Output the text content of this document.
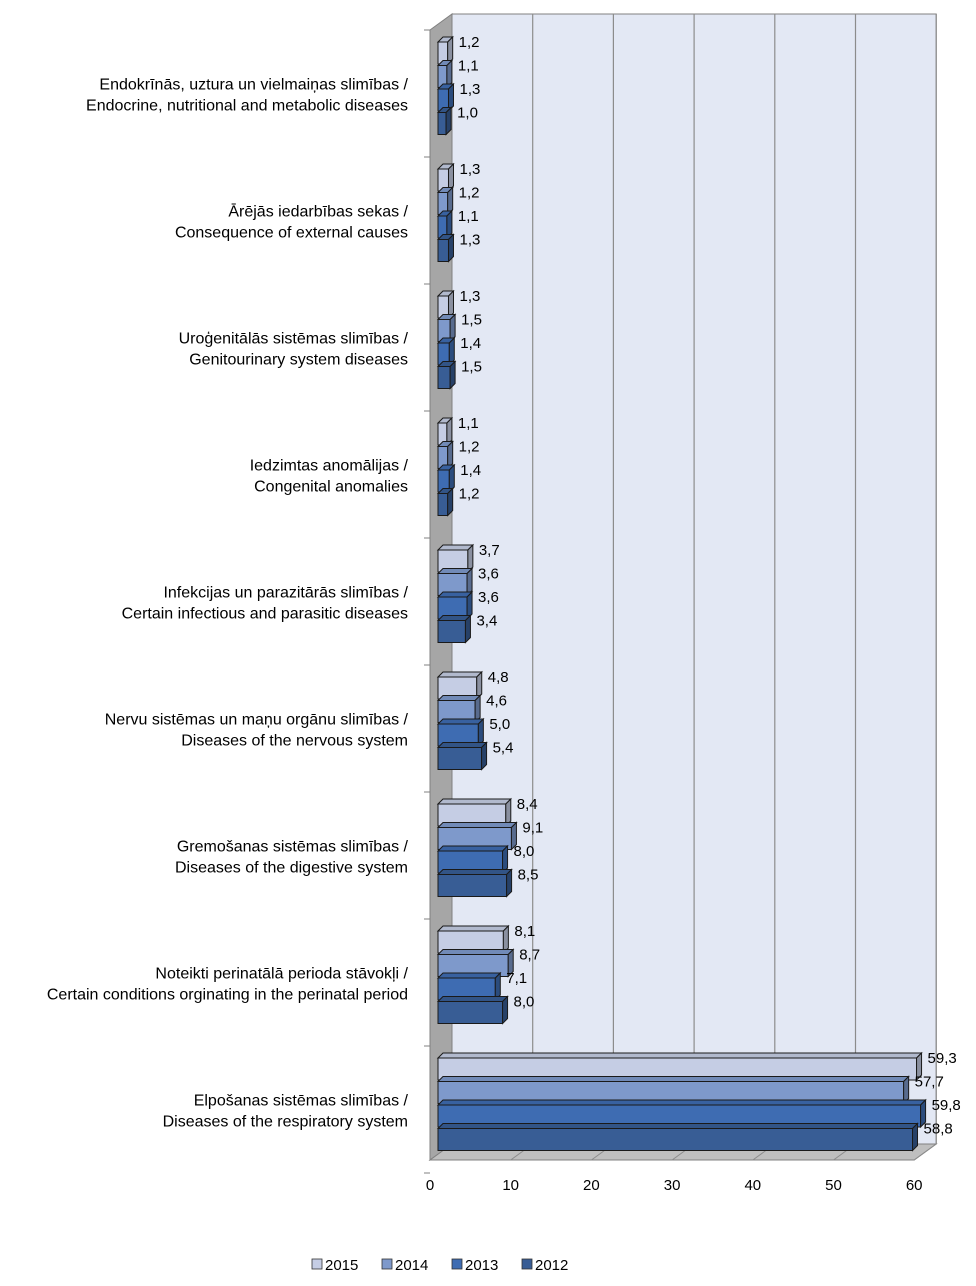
0	10	20	30	40	50	60
Endokrīnās, uztura un vielmaiņas slimības /
Endocrine, nutritional and metabolic diseases
1,2
1,1
1,3
1,0
Ārējās iedarbības sekas /
Consequence of external causes
1,3
1,2
1,1
1,3
Uroģenitālās sistēmas slimības /
Genitourinary system diseases
1,3
1,5
1,4
1,5
Iedzimtas anomālijas /
Congenital anomalies
1,1
1,2
1,4
1,2
Infekcijas un parazitārās slimības /
Certain infectious and parasitic diseases
3,7
3,6
3,6
3,4
Nervu sistēmas un maņu orgānu slimības /
Diseases of the nervous system
4,8
4,6
5,0
5,4
Gremošanas sistēmas slimības /
Diseases of the digestive system
8,4
9,1
8,0
8,5
Noteikti perinatālā perioda stāvokļi /
Certain conditions orginating in the perinatal period
8,1
8,7
7,1
8,0
Elpošanas sistēmas slimības /
Diseases of the respiratory system
59,3
57,7
59,8
58,8
2015 2014 2013 2012
